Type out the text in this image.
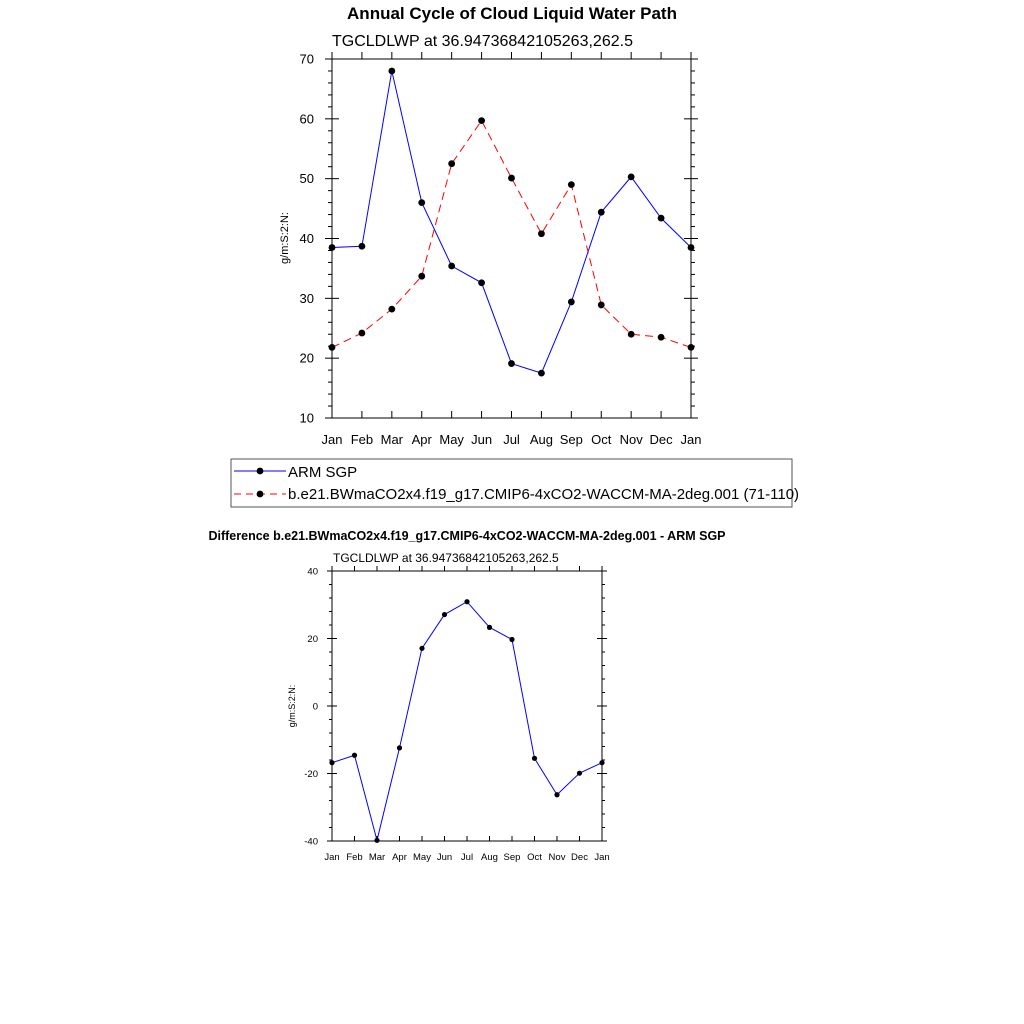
Annual Cycle of Cloud Liquid Water Path
TGCLDLWP at 36.94736842105263,262.5
g/m:S:2:N:
Jan Feb Mar Apr May Jun Jul Aug Sep Oct Nov Dec Jan
10
20
30
40
50
60
70
ARM SGP
b.e21.BWmaCO2x4.f19_g17.CMIP6-4xCO2-WACCM-MA-2deg.001 (71-110)
Difference b.e21.BWmaCO2x4.f19_g17.CMIP6-4xCO2-WACCM-MA-2deg.001 - ARM SGP
TGCLDLWP at 36.94736842105263,262.5
g/m:S:2:N:
Jan Feb Mar Apr May Jun Jul Aug Sep Oct Nov Dec Jan
-40
-20
0
20
40
